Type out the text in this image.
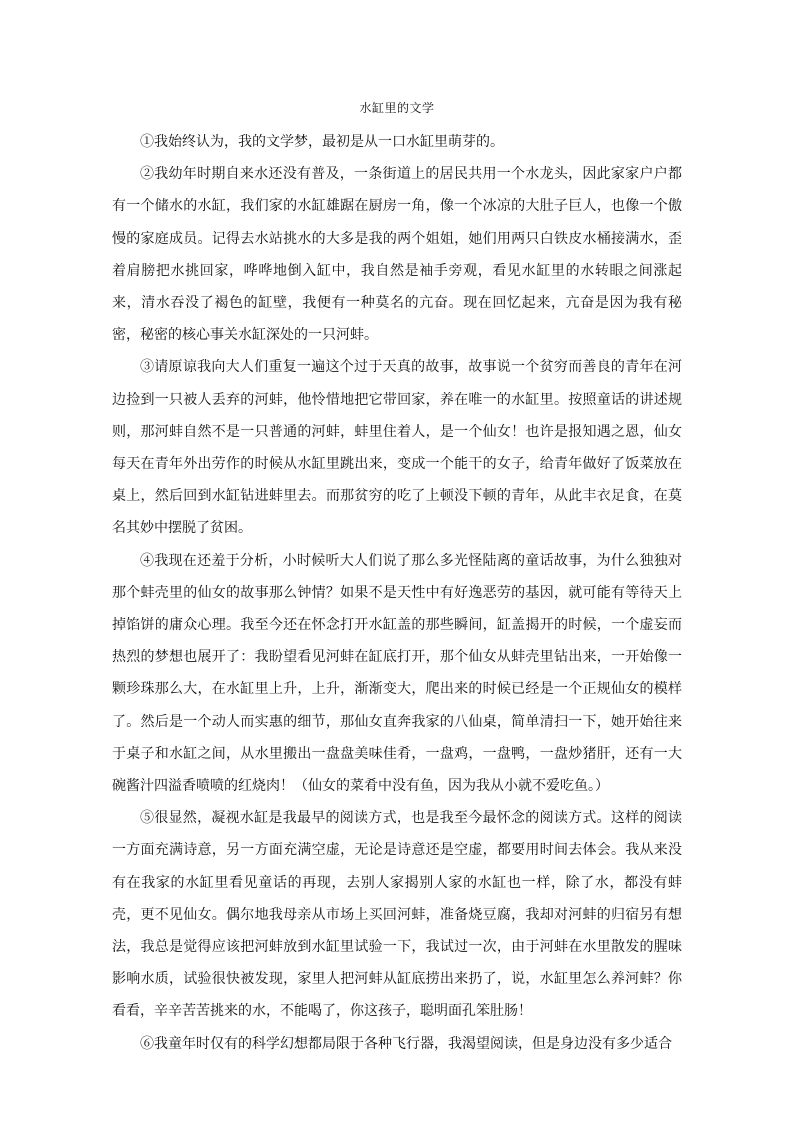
水缸里的文学

①我始终认为，我的文学梦，最初是从一口水缸里萌芽的。

②我幼年时期自来水还没有普及，一条街道上的居民共用一个水龙头，因此家家户户都有一个储水的水缸，我们家的水缸雄踞在厨房一角，像一个冰凉的大肚子巨人，也像一个傲慢的家庭成员。记得去水站挑水的大多是我的两个姐姐，她们用两只白铁皮水桶接满水，歪着肩膀把水挑回家，哗哗地倒入缸中，我自然是袖手旁观，看见水缸里的水转眼之间涨起来，清水吞没了褐色的缸壁，我便有一种莫名的亢奋。现在回忆起来，亢奋是因为我有秘密，秘密的核心事关水缸深处的一只河蚌。

③请原谅我向大人们重复一遍这个过于天真的故事，故事说一个贫穷而善良的青年在河边捡到一只被人丢弃的河蚌，他怜惜地把它带回家，养在唯一的水缸里。按照童话的讲述规则，那河蚌自然不是一只普通的河蚌，蚌里住着人，是一个仙女！也许是报知遇之恩，仙女每天在青年外出劳作的时候从水缸里跳出来，变成一个能干的女子，给青年做好了饭菜放在桌上，然后回到水缸钻进蚌里去。而那贫穷的吃了上顿没下顿的青年，从此丰衣足食，在莫名其妙中摆脱了贫困。

④我现在还羞于分析，小时候听大人们说了那么多光怪陆离的童话故事，为什么独独对那个蚌壳里的仙女的故事那么钟情？如果不是天性中有好逸恶劳的基因，就可能有等待天上掉馅饼的庸众心理。我至今还在怀念打开水缸盖的那些瞬间，缸盖揭开的时候，一个虚妄而热烈的梦想也展开了：我盼望看见河蚌在缸底打开，那个仙女从蚌壳里钻出来，一开始像一颗珍珠那么大，在水缸里上升，上升，渐渐变大，爬出来的时候已经是一个正规仙女的模样了。然后是一个动人而实惠的细节，那仙女直奔我家的八仙桌，简单清扫一下，她开始往来于桌子和水缸之间，从水里搬出一盘盘美味佳肴，一盘鸡，一盘鸭，一盘炒猪肝，还有一大碗酱汁四溢香喷喷的红烧肉！（仙女的菜肴中没有鱼，因为我从小就不爱吃鱼。）

⑤很显然，凝视水缸是我最早的阅读方式，也是我至今最怀念的阅读方式。这样的阅读一方面充满诗意，另一方面充满空虚，无论是诗意还是空虚，都要用时间去体会。我从来没有在我家的水缸里看见童话的再现，去别人家揭别人家的水缸也一样，除了水，都没有蚌壳，更不见仙女。偶尔地我母亲从市场上买回河蚌，准备烧豆腐，我却对河蚌的归宿另有想法，我总是觉得应该把河蚌放到水缸里试验一下，我试过一次，由于河蚌在水里散发的腥味影响水质，试验很快被发现，家里人把河蚌从缸底捞出来扔了，说，水缸里怎么养河蚌？你看看，辛辛苦苦挑来的水，不能喝了，你这孩子，聪明面孔笨肚肠！

⑥我童年时仅有的科学幻想都局限于各种飞行器，我渴望阅读，但是身边没有多少适合
